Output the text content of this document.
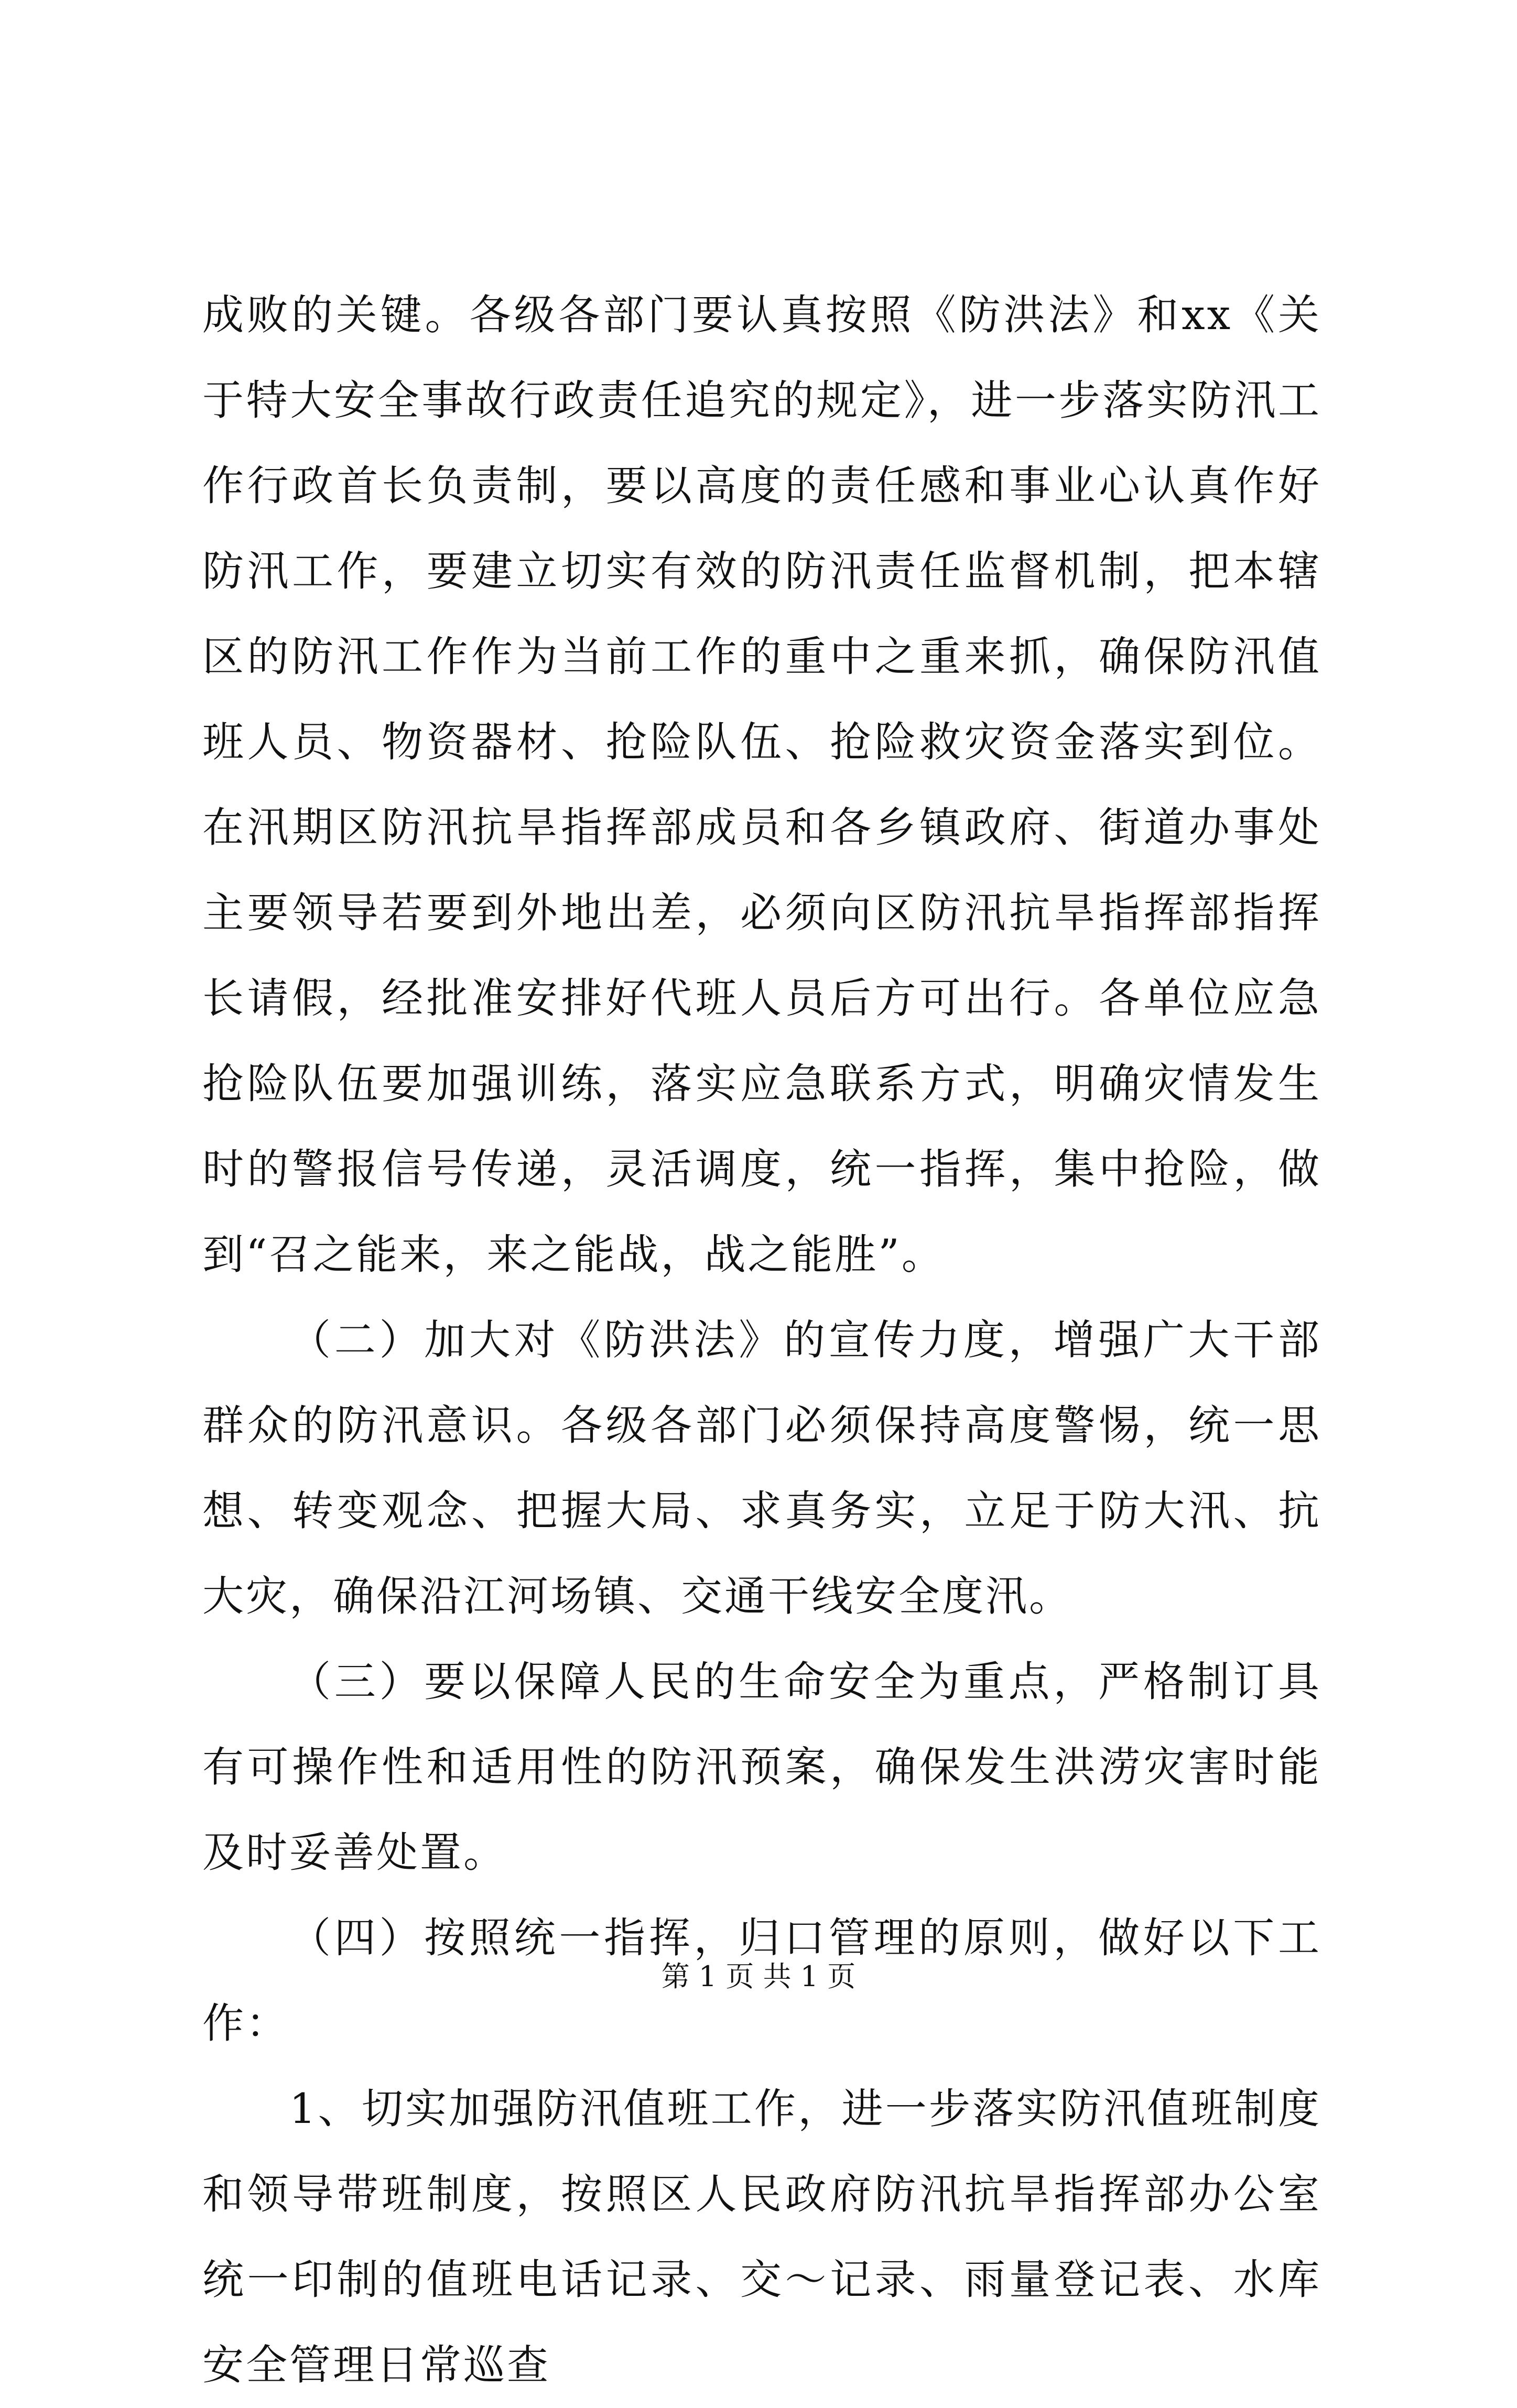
成败的关键。各级各部门要认真按照《防洪法》和xx《关于特大安全事故行政责任追究的规定》，进一步落实防汛工作行政首长负责制，要以高度的责任感和事业心认真作好防汛工作，要建立切实有效的防汛责任监督机制，把本辖区的防汛工作作为当前工作的重中之重来抓，确保防汛值班人员、物资器材、抢险队伍、抢险救灾资金落实到位。在汛期区防汛抗旱指挥部成员和各乡镇政府、街道办事处主要领导若要到外地出差，必须向区防汛抗旱指挥部指挥长请假，经批准安排好代班人员后方可出行。各单位应急抢险队伍要加强训练，落实应急联系方式，明确灾情发生时的警报信号传递，灵活调度，统一指挥，集中抢险，做到“召之能来，来之能战，战之能胜”。

（二）加大对《防洪法》的宣传力度，增强广大干部群众的防汛意识。各级各部门必须保持高度警惕，统一思想、转变观念、把握大局、求真务实，立足于防大汛、抗大灾，确保沿江河场镇、交通干线安全度汛。

（三）要以保障人民的生命安全为重点，严格制订具有可操作性和适用性的防汛预案，确保发生洪涝灾害时能及时妥善处置。

（四）按照统一指挥，归口管理的原则，做好以下工作：

1、切实加强防汛值班工作，进一步落实防汛值班制度和领导带班制度，按照区人民政府防汛抗旱指挥部办公室统一印制的值班电话记录、交～记录、雨量登记表、水库安全管理日常巡查

第 1 页 共 1 页
